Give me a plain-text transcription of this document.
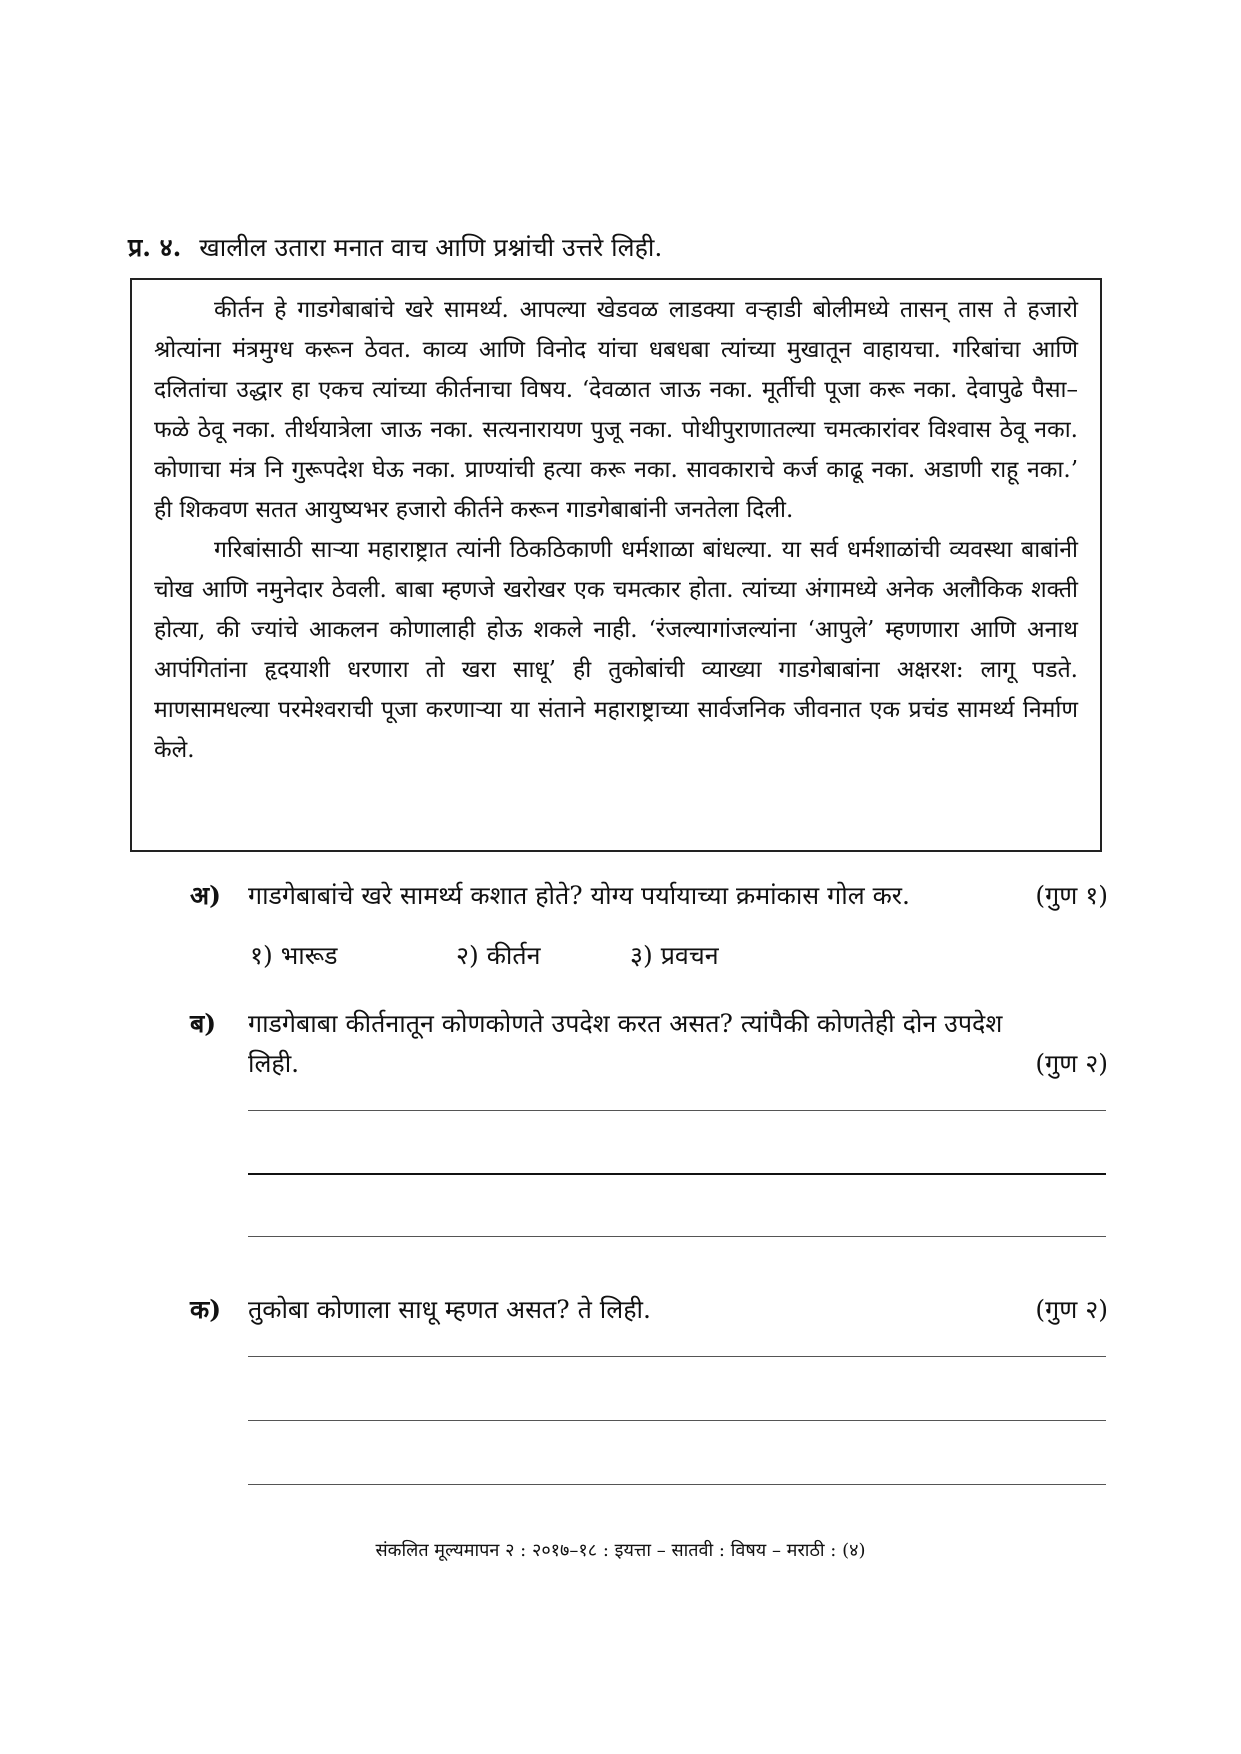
प्र. ४. खालील उतारा मनात वाच आणि प्रश्नांची उत्तरे लिही.

कीर्तन हे गाडगेबाबांचे खरे सामर्थ्य. आपल्या खेडवळ लाडक्या वऱ्हाडी बोलीमध्ये तासन् तास ते हजारो श्रोत्यांना मंत्रमुग्ध करून ठेवत. काव्य आणि विनोद यांचा धबधबा त्यांच्या मुखातून वाहायचा. गरिबांचा आणि दलितांचा उद्धार हा एकच त्यांच्या कीर्तनाचा विषय. ‘देवळात जाऊ नका. मूर्तीची पूजा करू नका. देवापुढे पैसा–फळे ठेवू नका. तीर्थयात्रेला जाऊ नका. सत्यनारायण पुजू नका. पोथीपुराणातल्या चमत्कारांवर विश्वास ठेवू नका. कोणाचा मंत्र नि गुरूपदेश घेऊ नका. प्राण्यांची हत्या करू नका. सावकाराचे कर्ज काढू नका. अडाणी राहू नका.’ ही शिकवण सतत आयुष्यभर हजारो कीर्तने करून गाडगेबाबांनी जनतेला दिली.

गरिबांसाठी साऱ्या महाराष्ट्रात त्यांनी ठिकठिकाणी धर्मशाळा बांधल्या. या सर्व धर्मशाळांची व्यवस्था बाबांनी चोख आणि नमुनेदार ठेवली. बाबा म्हणजे खरोखर एक चमत्कार होता. त्यांच्या अंगामध्ये अनेक अलौकिक शक्ती होत्या, की ज्यांचे आकलन कोणालाही होऊ शकले नाही. ‘रंजल्यागांजल्यांना ‘आपुले’ म्हणणारा आणि अनाथ आपंगितांना हृदयाशी धरणारा तो खरा साधू’ ही तुकोबांची व्याख्या गाडगेबाबांना अक्षरश: लागू पडते. माणसामधल्या परमेश्वराची पूजा करणाऱ्या या संताने महाराष्ट्राच्या सार्वजनिक जीवनात एक प्रचंड सामर्थ्य निर्माण केले.

अ)	गाडगेबाबांचे खरे सामर्थ्य कशात होते? योग्य पर्यायाच्या क्रमांकास गोल कर.	(गुण १)
१) भारूड	२) कीर्तन	३) प्रवचन
ब)	गाडगेबाबा कीर्तनातून कोणकोणते उपदेश करत असत? त्यांपैकी कोणतेही दोन उपदेश लिही.	(गुण २)
क)	तुकोबा कोणाला साधू म्हणत असत? ते लिही.	(गुण २)
संकलित मूल्यमापन २ : २०१७–१८ : इयत्ता – सातवी : विषय – मराठी : (४)
